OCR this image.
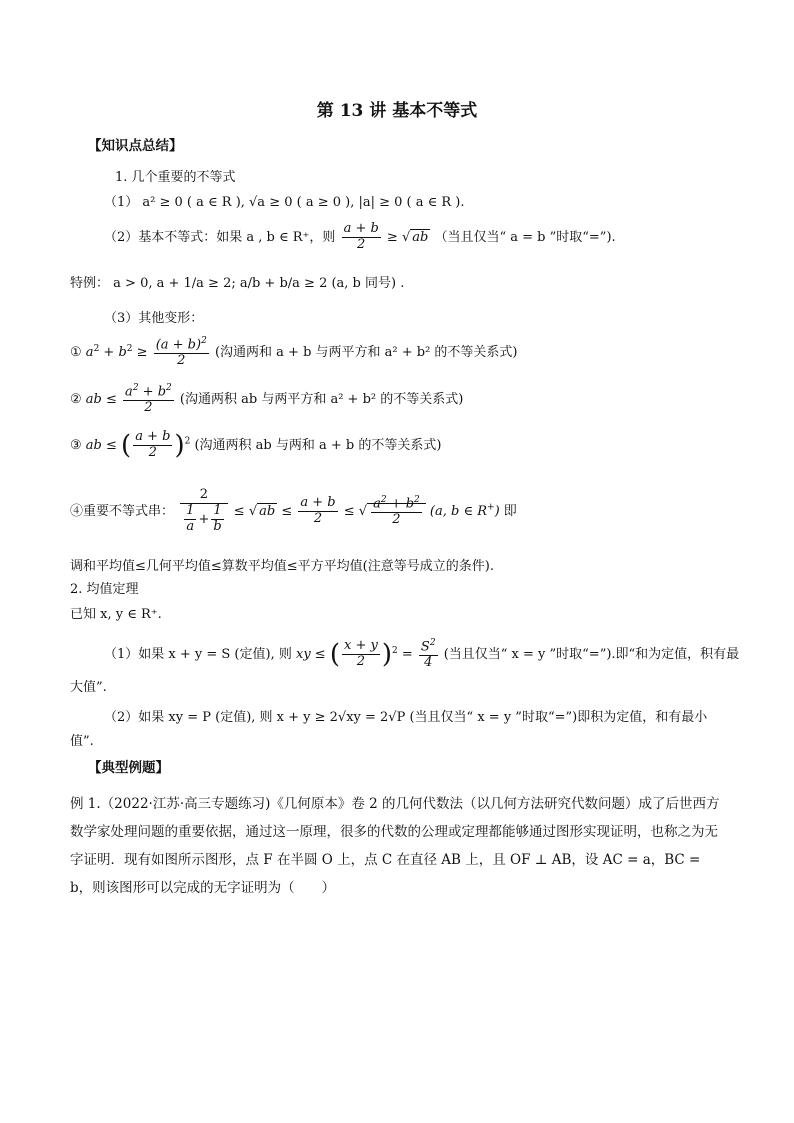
第 13 讲 基本不等式
【知识点总结】
1. 几个重要的不等式
（1） a² ≥ 0 ( a ∈ R ), √a ≥ 0 ( a ≥ 0 ), |a| ≥ 0 ( a ∈ R ).
（2）基本不等式：如果 a , b ∈ R⁺，则 $\frac{a + b}{2}$ ≥ √ ab （当且仅当“ a = b ”时取“=”).
特例： a > 0, a + 1/a ≥ 2; a/b + b/a ≥ 2 (a, b 同号) .
（3）其他变形：
① $a^2 + b^2 \ge \frac{(a + b)^2}{2}$ (沟通两和 a + b 与两平方和 a² + b² 的不等关系式)
② ab ≤ $\frac{a^2 + b^2}{2}$ (沟通两积 ab 与两平方和 a² + b² 的不等关系式)
③ ab ≤ ( $\frac{a + b}{2} )^2$ (沟通两积 ab 与两和 a + b 的不等关系式)
④重要不等式串： $\frac{2}{\frac{1}{a} + \frac{1}{b}}$ ≤ √ ab ≤ $\frac{a + b}{2}$ ≤ √ $\frac{a^2 + b^2}{2} (a$, b ∈ R+) 即
调和平均值≤几何平均值≤算数平均值≤平方平均值(注意等号成立的条件).
2. 均值定理
已知 x, y ∈ R⁺.
（1）如果 x + y = S (定值), 则 xy ≤ ( $\frac{x + y}{2} )^2 = \frac{S^2}{4}$ (当且仅当“ x = y ”时取“=”).即“和为定值，积有最
大值”.
（2）如果 xy = P (定值), 则 x + y ≥ 2√xy = 2√P (当且仅当“ x = y ”时取“=”)即积为定值，和有最小
值”.
【典型例题】
例 1.（2022·江苏·高三专题练习)《几何原本》卷 2 的几何代数法（以几何方法研究代数问题）成了后世西方数学家处理问题的重要依据，通过这一原理，很多的代数的公理或定理都能够通过图形实现证明，也称之为无字证明．现有如图所示图形，点 F 在半圆 O 上，点 C 在直径 AB 上，且 OF ⊥ AB，设 AC = a，BC = b，则该图形可以完成的无字证明为（　　）
